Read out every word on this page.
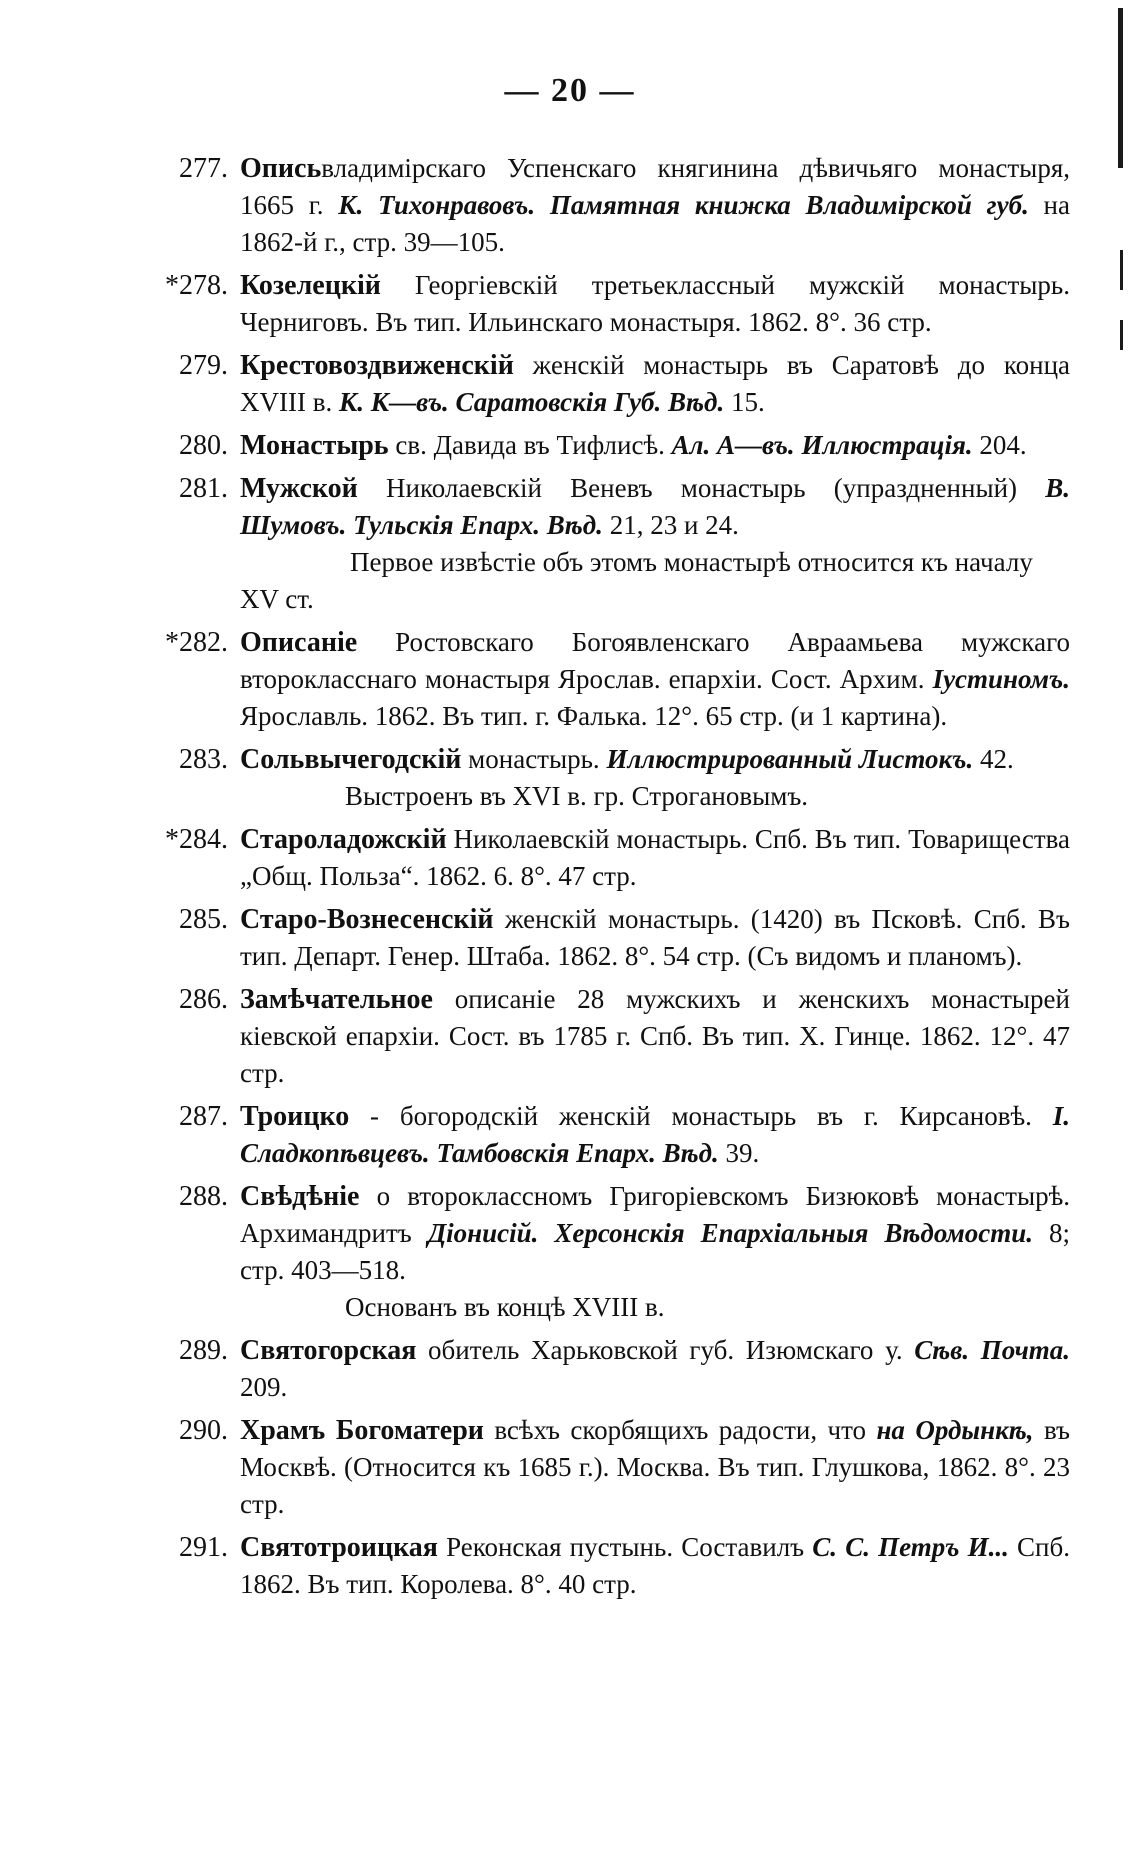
— 20 —
277. Описьвладимiрскаго Успенскаго княгинина дѣвичьяго монастыря, 1665 г. К. Тихонравовъ. Памятная книжка Владимiрской губ. на 1862-й г., стр. 39—105.
*278. Козелецкiй Георгiевскiй третьеклассный мужскiй монастырь. Черниговъ. Въ тип. Ильинскаго монастыря. 1862. 8°. 36 стр.
279. Крестовоздвиженскiй женскiй монастырь въ Саратовѣ до конца XVIII в. К. К—въ. Саратовскiя Губ. Вѣд. 15.
280. Монастырь св. Давида въ Тифлисѣ. Ал. А—въ. Иллюстрацiя. 204.
281. Мужской Николаевскiй Веневъ монастырь (упраздненный) В. Шумовъ. Тульскiя Епарх. Вѣд. 21, 23 и 24.
Первое извѣстiе объ этомъ монастырѣ относится къ началу XV ст.
*282. Описанiе Ростовскаго Богоявленскаго Авраамьева мужскаго второкласснаго монастыря Ярослав. епархiи. Сост. Архим. Iустиномъ. Ярославль. 1862. Въ тип. г. Фалька. 12°. 65 стр. (и 1 картина).
283. Сольвычегодскiй монастырь. Иллюстрированный Листокъ. 42.
Выстроенъ въ XVI в. гр. Строгановымъ.
*284. Староладожскiй Николаевскiй монастырь. Спб. Въ тип. Товарищества „Общ. Польза“. 1862. 6. 8°. 47 стр.
285. Старо-Вознесенскiй женскiй монастырь. (1420) въ Псковѣ. Спб. Въ тип. Департ. Генер. Штаба. 1862. 8°. 54 стр. (Съ видомъ и планомъ).
286. Замѣчательное описанiе 28 мужскихъ и женскихъ монастырей кiевской епархiи. Сост. въ 1785 г. Спб. Въ тип. Х. Гинце. 1862. 12°. 47 стр.
287. Троицко - богородскiй женскiй монастырь въ г. Кирсановѣ. I. Сладкопѣвцевъ. Тамбовскiя Епарх. Вѣд. 39.
288. Свѣдѣнiе о второклассномъ Григорiевскомъ Бизюковѣ монастырѣ. Архимандритъ Дiонисiй. Херсонскiя Епархiальныя Вѣдомости. 8; стр. 403—518.
Основанъ въ концѣ XVIII в.
289. Святогорская обитель Харьковской губ. Изюмскаго у. Сѣв. Почта. 209.
290. Храмъ Богоматери всѣхъ скорбящихъ радости, что на Ордынкѣ, въ Москвѣ. (Относится къ 1685 г.). Москва. Въ тип. Глушкова, 1862. 8°. 23 стр.
291. Святотроицкая Реконская пустынь. Составилъ С. С. Петръ И... Спб. 1862. Въ тип. Королева. 8°. 40 стр.
